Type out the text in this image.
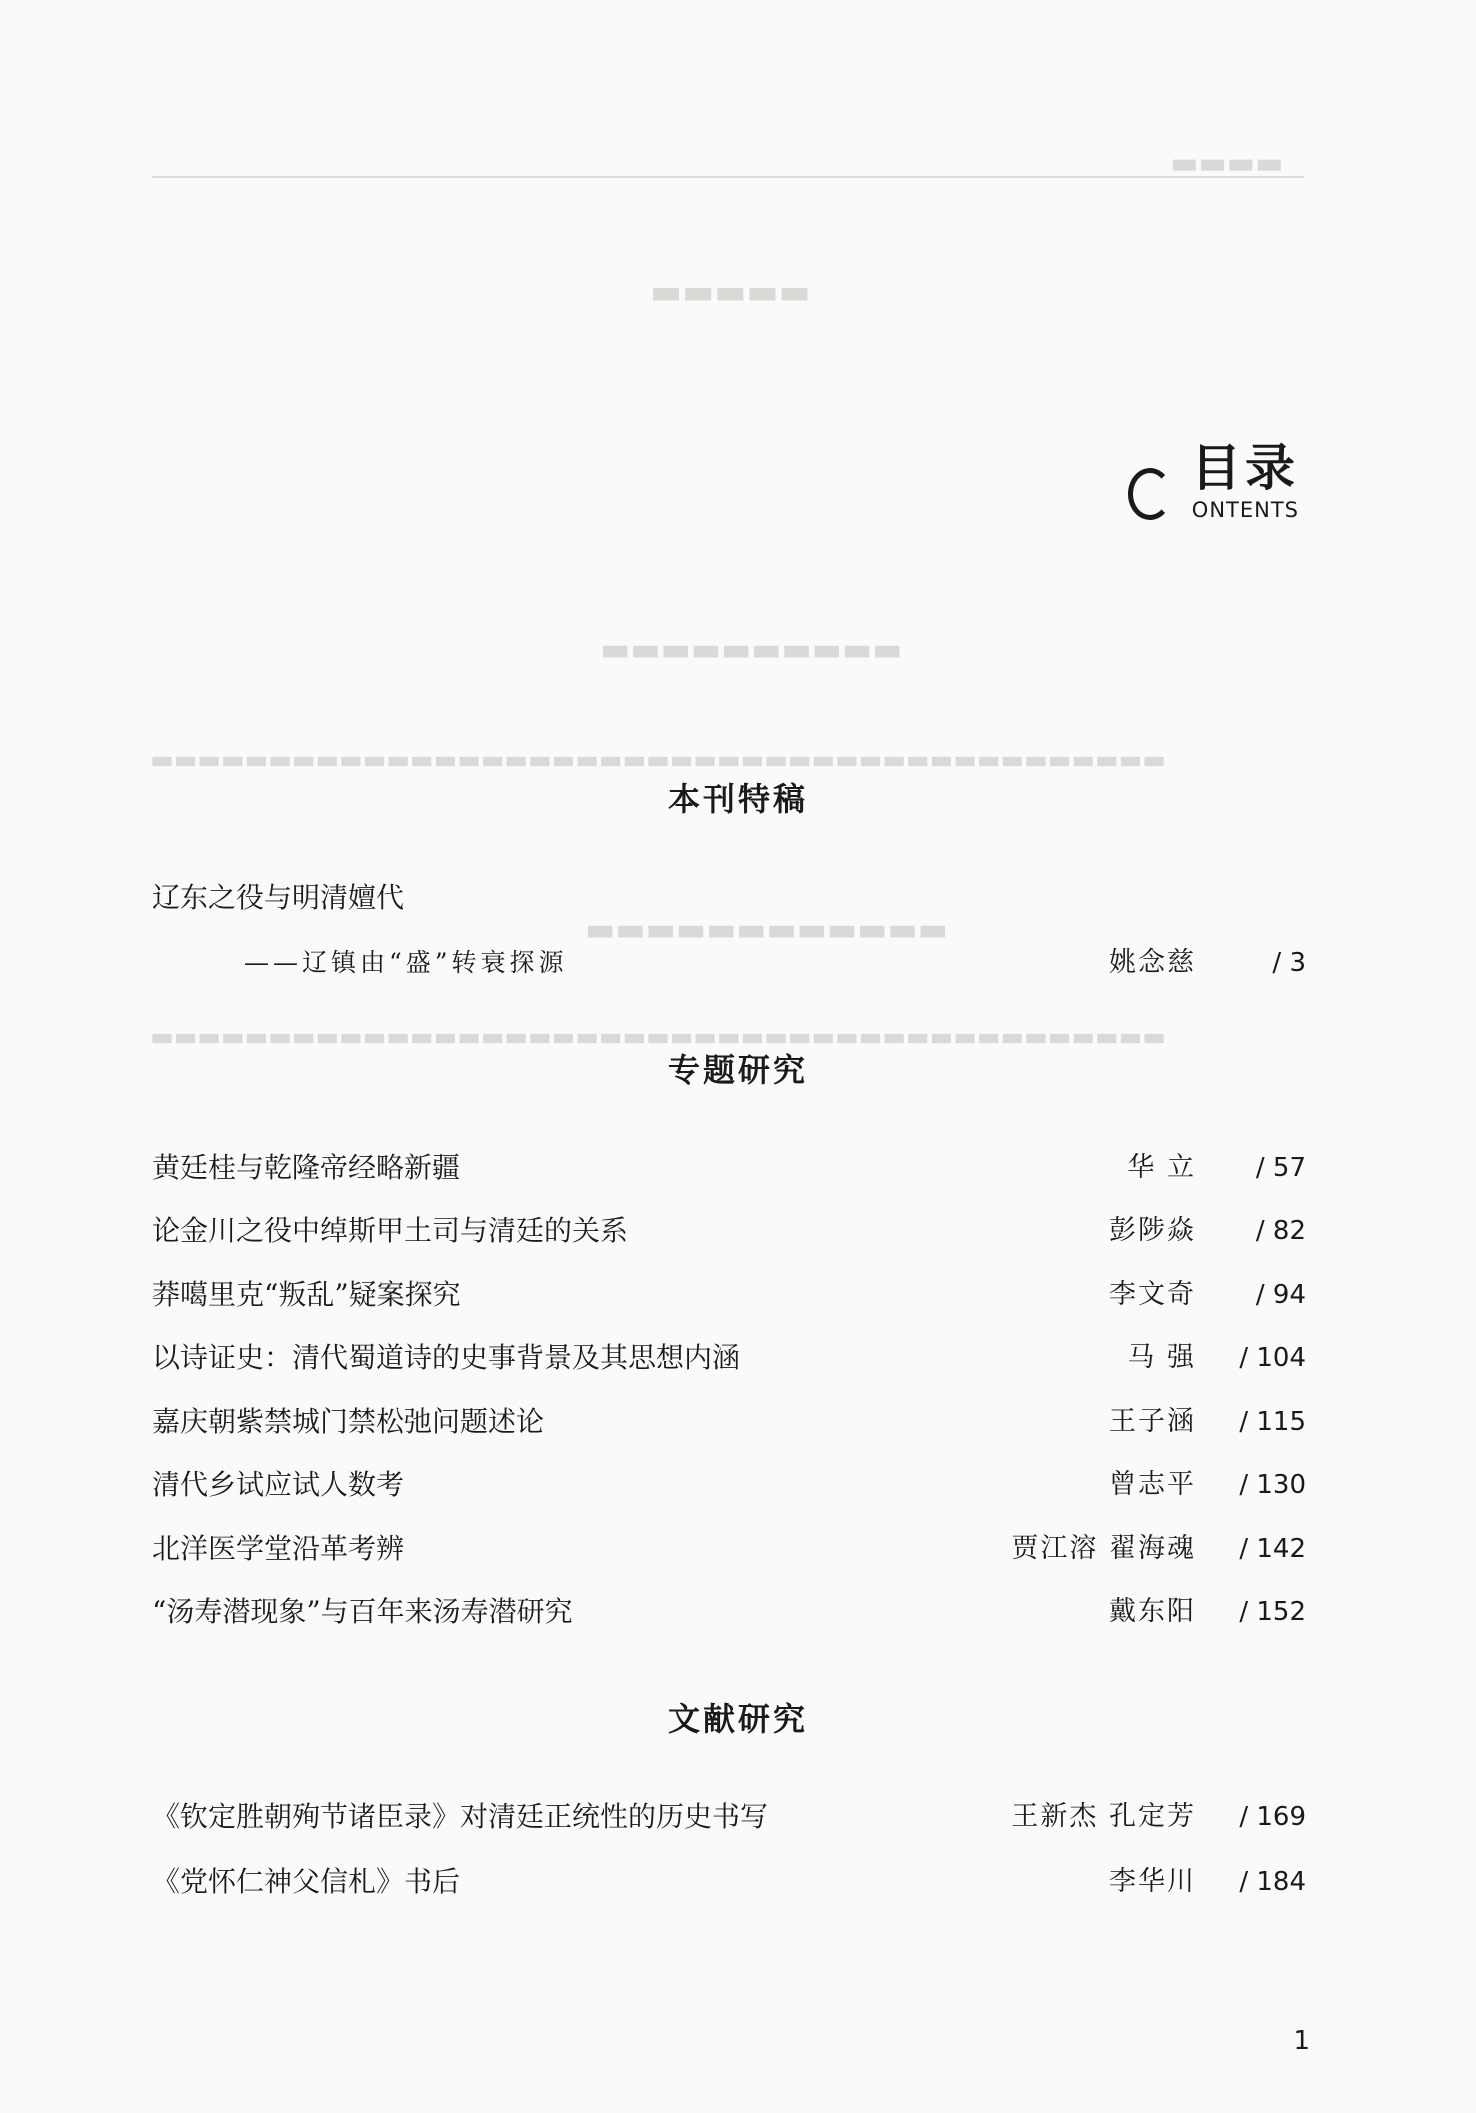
▬▬▬▬
▬▬▬▬▬
▬▬▬▬▬▬▬▬▬▬
▬▬▬▬▬▬▬▬▬▬▬▬▬▬▬▬▬▬▬▬▬▬▬▬▬▬▬▬▬▬▬▬▬▬▬▬▬▬▬▬▬▬▬
▬▬▬▬▬▬▬▬▬▬▬▬
▬▬▬▬▬▬▬▬▬▬▬▬▬▬▬▬▬▬▬▬▬▬▬▬▬▬▬▬▬▬▬▬▬▬▬▬▬▬▬▬▬▬▬
目录
ONTENTS
本刊特稿
辽东之役与明清嬗代
——辽镇由“盛”转衰探源	姚念慈	/ 3
专题研究
黄廷桂与乾隆帝经略新疆	华 立 / 57
论金川之役中绰斯甲土司与清廷的关系	彭陟焱 / 82
莽噶里克“叛乱”疑案探究	李文奇 / 94
以诗证史：清代蜀道诗的史事背景及其思想内涵	马 强 / 104
嘉庆朝紫禁城门禁松弛问题述论	王子涵 / 115
清代乡试应试人数考	曾志平 / 130
北洋医学堂沿革考辨	贾江溶 翟海魂 / 142
“汤寿潜现象”与百年来汤寿潜研究	戴东阳 / 152
文献研究
《钦定胜朝殉节诸臣录》对清廷正统性的历史书写	王新杰 孔定芳 / 169
《党怀仁神父信札》书后	李华川 / 184
1
